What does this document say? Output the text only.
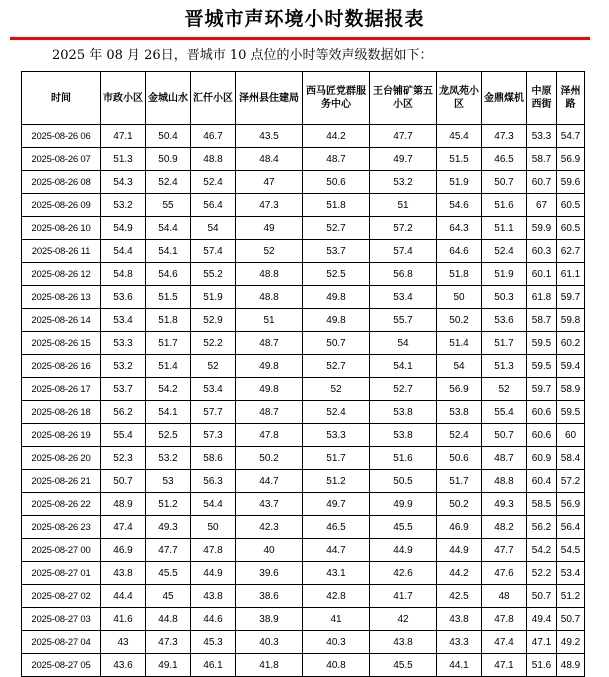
晋城市声环境小时数据报表
2025 年 08 月 26日，晋城市 10 点位的小时等效声级数据如下：
时间	市政小区	金城山水	汇仟小区	泽州县住建局	西马匠党群服务中心	王台铺矿第五小区	龙凤苑小区	金鼎煤机	中原西街	泽州路
2025-08-26 06	47.1	50.4	46.7	43.5	44.2	47.7	45.4	47.3	53.3	54.7
2025-08-26 07	51.3	50.9	48.8	48.4	48.7	49.7	51.5	46.5	58.7	56.9
2025-08-26 08	54.3	52.4	52.4	47	50.6	53.2	51.9	50.7	60.7	59.6
2025-08-26 09	53.2	55	56.4	47.3	51.8	51	54.6	51.6	67	60.5
2025-08-26 10	54.9	54.4	54	49	52.7	57.2	64.3	51.1	59.9	60.5
2025-08-26 11	54.4	54.1	57.4	52	53.7	57.4	64.6	52.4	60.3	62.7
2025-08-26 12	54.8	54.6	55.2	48.8	52.5	56.8	51.8	51.9	60.1	61.1
2025-08-26 13	53.6	51.5	51.9	48.8	49.8	53.4	50	50.3	61.8	59.7
2025-08-26 14	53.4	51.8	52.9	51	49.8	55.7	50.2	53.6	58.7	59.8
2025-08-26 15	53.3	51.7	52.2	48.7	50.7	54	51.4	51.7	59.5	60.2
2025-08-26 16	53.2	51.4	52	49.8	52.7	54.1	54	51.3	59.5	59.4
2025-08-26 17	53.7	54.2	53.4	49.8	52	52.7	56.9	52	59.7	58.9
2025-08-26 18	56.2	54.1	57.7	48.7	52.4	53.8	53.8	55.4	60.6	59.5
2025-08-26 19	55.4	52.5	57.3	47.8	53.3	53.8	52.4	50.7	60.6	60
2025-08-26 20	52.3	53.2	58.6	50.2	51.7	51.6	50.6	48.7	60.9	58.4
2025-08-26 21	50.7	53	56.3	44.7	51.2	50.5	51.7	48.8	60.4	57.2
2025-08-26 22	48.9	51.2	54.4	43.7	49.7	49.9	50.2	49.3	58.5	56.9
2025-08-26 23	47.4	49.3	50	42.3	46.5	45.5	46.9	48.2	56.2	56.4
2025-08-27 00	46.9	47.7	47.8	40	44.7	44.9	44.9	47.7	54.2	54.5
2025-08-27 01	43.8	45.5	44.9	39.6	43.1	42.6	44.2	47.6	52.2	53.4
2025-08-27 02	44.4	45	43.8	38.6	42.8	41.7	42.5	48	50.7	51.2
2025-08-27 03	41.6	44.8	44.6	38.9	41	42	43.8	47.8	49.4	50.7
2025-08-27 04	43	47.3	45.3	40.3	40.3	43.8	43.3	47.4	47.1	49.2
2025-08-27 05	43.6	49.1	46.1	41.8	40.8	45.5	44.1	47.1	51.6	48.9
